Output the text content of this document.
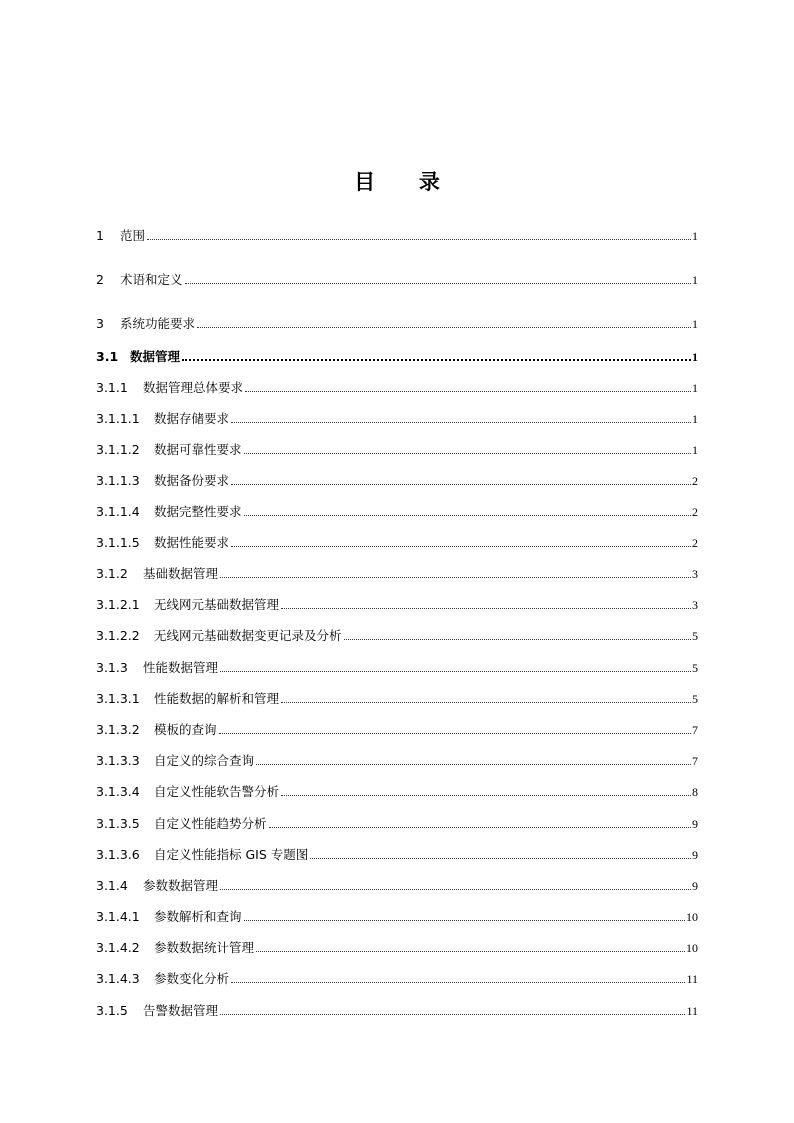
目      录
1	范围	1
2	术语和定义	1
3	系统功能要求	1
3.1 数据管理	1
3.1.1	数据管理总体要求	1
3.1.1.1	数据存储要求	1
3.1.1.2	数据可靠性要求	1
3.1.1.3	数据备份要求	2
3.1.1.4	数据完整性要求	2
3.1.1.5	数据性能要求	2
3.1.2	基础数据管理	3
3.1.2.1	无线网元基础数据管理	3
3.1.2.2	无线网元基础数据变更记录及分析	5
3.1.3	性能数据管理	5
3.1.3.1	性能数据的解析和管理	5
3.1.3.2	模板的查询	7
3.1.3.3	自定义的综合查询	7
3.1.3.4	自定义性能软告警分析	8
3.1.3.5	自定义性能趋势分析	9
3.1.3.6	自定义性能指标 GIS 专题图	9
3.1.4	参数数据管理	9
3.1.4.1	参数解析和查询	10
3.1.4.2	参数数据统计管理	10
3.1.4.3	参数变化分析	11
3.1.5	告警数据管理	11
